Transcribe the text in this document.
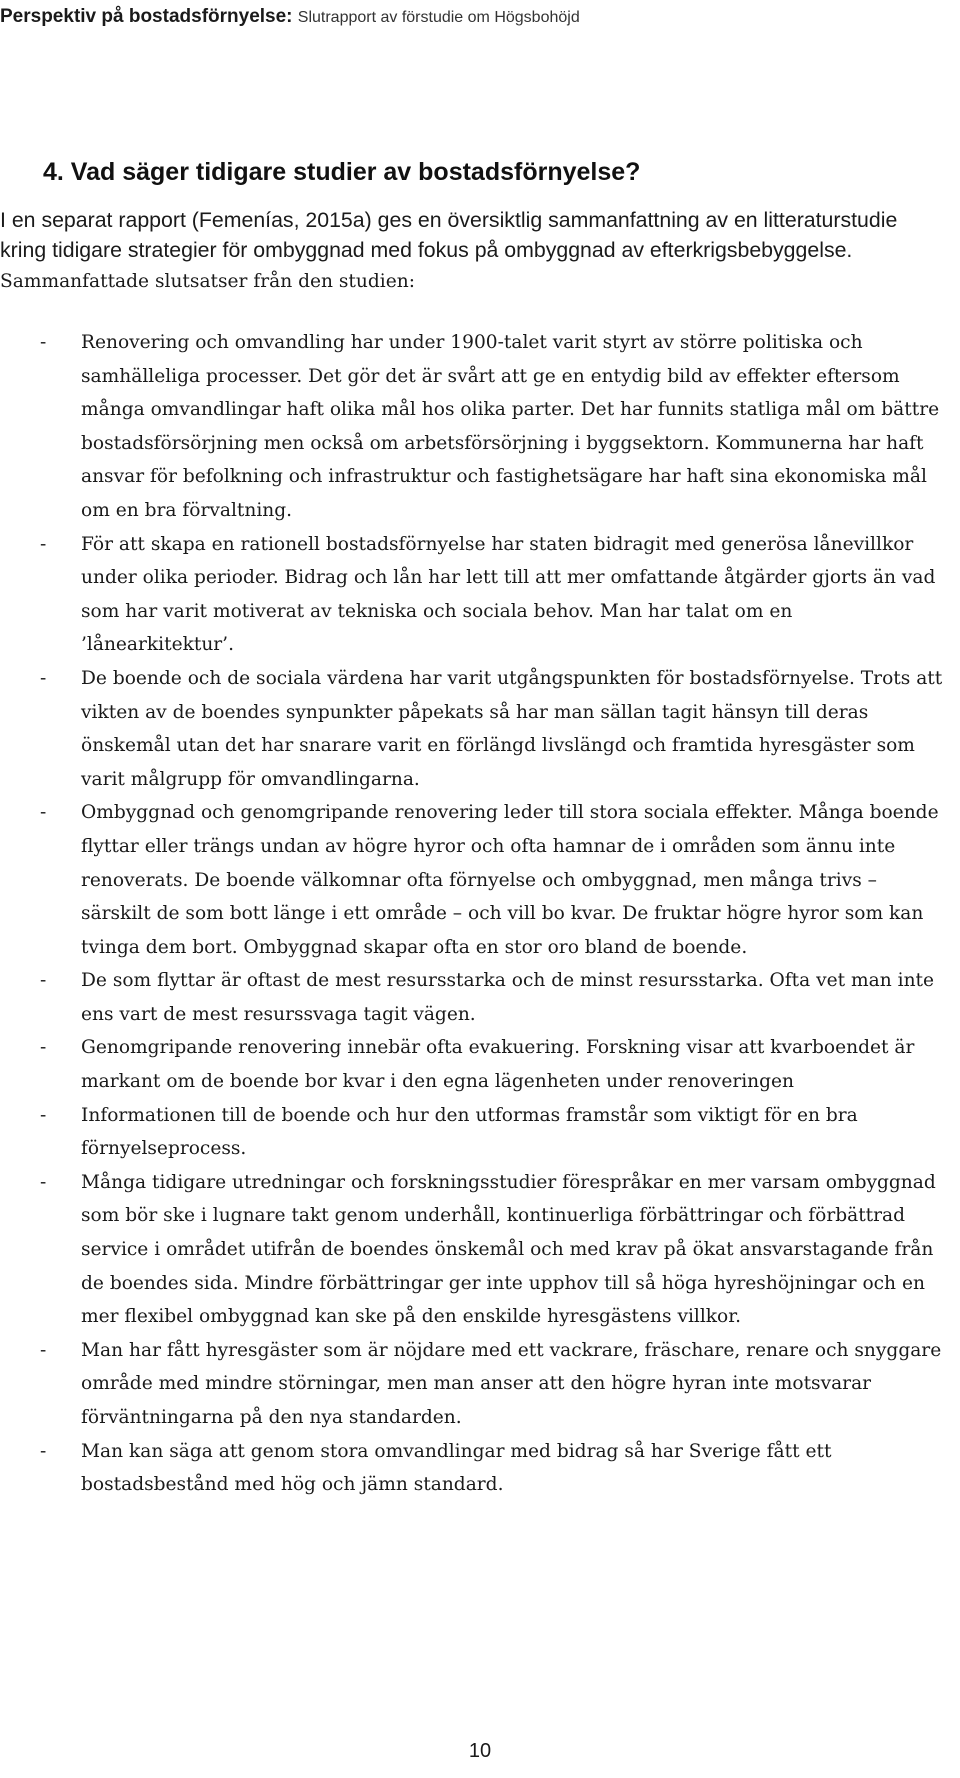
Perspektiv på bostadsförnyelse: Slutrapport av förstudie om Högsbohöjd
4. Vad säger tidigare studier av bostadsförnyelse?

I en separat rapport (Femenías, 2015a) ges en översiktlig sammanfattning av en litteraturstudie kring tidigare strategier för ombyggnad med fokus på ombyggnad av efterkrigsbebyggelse. Sammanfattade slutsatser från den studien:

- Renovering och omvandling har under 1900-talet varit styrt av större politiska och samhälleliga processer. Det gör det är svårt att ge en entydig bild av effekter eftersom många omvandlingar haft olika mål hos olika parter. Det har funnits statliga mål om bättre bostadsförsörjning men också om arbetsförsörjning i byggsektorn. Kommunerna har haft ansvar för befolkning och infrastruktur och fastighetsägare har haft sina ekonomiska mål om en bra förvaltning.
- För att skapa en rationell bostadsförnyelse har staten bidragit med generösa lånevillkor under olika perioder. Bidrag och lån har lett till att mer omfattande åtgärder gjorts än vad som har varit motiverat av tekniska och sociala behov. Man har talat om en ’lånearkitektur’.
- De boende och de sociala värdena har varit utgångspunkten för bostadsförnyelse. Trots att vikten av de boendes synpunkter påpekats så har man sällan tagit hänsyn till deras önskemål utan det har snarare varit en förlängd livslängd och framtida hyresgäster som varit målgrupp för omvandlingarna.
- Ombyggnad och genomgripande renovering leder till stora sociala effekter. Många boende flyttar eller trängs undan av högre hyror och ofta hamnar de i områden som ännu inte renoverats. De boende välkomnar ofta förnyelse och ombyggnad, men många trivs – särskilt de som bott länge i ett område – och vill bo kvar. De fruktar högre hyror som kan tvinga dem bort. Ombyggnad skapar ofta en stor oro bland de boende.
- De som flyttar är oftast de mest resursstarka och de minst resursstarka. Ofta vet man inte ens vart de mest resurssvaga tagit vägen.
- Genomgripande renovering innebär ofta evakuering. Forskning visar att kvarboendet är markant om de boende bor kvar i den egna lägenheten under renoveringen
- Informationen till de boende och hur den utformas framstår som viktigt för en bra förnyelseprocess.
- Många tidigare utredningar och forskningsstudier förespråkar en mer varsam ombyggnad som bör ske i lugnare takt genom underhåll, kontinuerliga förbättringar och förbättrad service i området utifrån de boendes önskemål och med krav på ökat ansvarstagande från de boendes sida. Mindre förbättringar ger inte upphov till så höga hyreshöjningar och en mer flexibel ombyggnad kan ske på den enskilde hyresgästens villkor.
- Man har fått hyresgäster som är nöjdare med ett vackrare, fräschare, renare och snyggare område med mindre störningar, men man anser att den högre hyran inte motsvarar förväntningarna på den nya standarden.
- Man kan säga att genom stora omvandlingar med bidrag så har Sverige fått ett bostadsbestånd med hög och jämn standard.
10
